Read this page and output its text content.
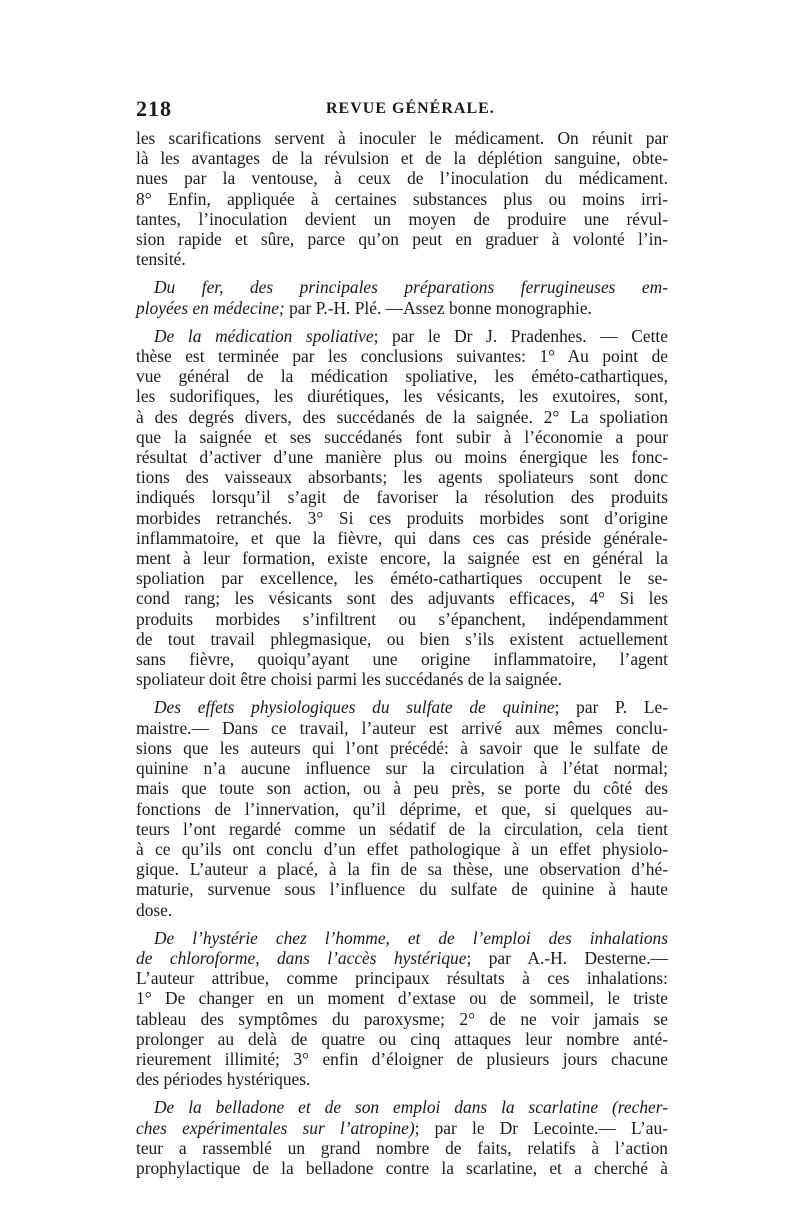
218	REVUE GÉNÉRALE.
les scarifications servent à inoculer le médicament. On réunit par
là les avantages de la révulsion et de la déplétion sanguine, obte-
nues par la ventouse, à ceux de l’inoculation du médicament.
8° Enfin, appliquée à certaines substances plus ou moins irri-
tantes, l’inoculation devient un moyen de produire une révul-
sion rapide et sûre, parce qu’on peut en graduer à volonté l’in-
tensité.
Du fer, des principales préparations ferrugineuses em-
ployées en médecine; par P.-H. Plé. —Assez bonne monographie.
De la médication spoliative; par le Dr J. Pradenhes. — Cette
thèse est terminée par les conclusions suivantes: 1° Au point de
vue général de la médication spoliative, les éméto-cathartiques,
les sudorifiques, les diurétiques, les vésicants, les exutoires, sont,
à des degrés divers, des succédanés de la saignée. 2° La spoliation
que la saignée et ses succédanés font subir à l’économie a pour
résultat d’activer d’une manière plus ou moins énergique les fonc-
tions des vaisseaux absorbants; les agents spoliateurs sont donc
indiqués lorsqu’il s’agit de favoriser la résolution des produits
morbides retranchés. 3° Si ces produits morbides sont d’origine
inflammatoire, et que la fièvre, qui dans ces cas préside générale-
ment à leur formation, existe encore, la saignée est en général la
spoliation par excellence, les éméto-cathartiques occupent le se-
cond rang; les vésicants sont des adjuvants efficaces, 4° Si les
produits morbides s’infiltrent ou s’épanchent, indépendamment
de tout travail phlegmasique, ou bien s’ils existent actuellement
sans fièvre, quoiqu’ayant une origine inflammatoire, l’agent
spoliateur doit être choisi parmi les succédanés de la saignée.
Des effets physiologiques du sulfate de quinine; par P. Le-
maistre.— Dans ce travail, l’auteur est arrivé aux mêmes conclu-
sions que les auteurs qui l’ont précédé: à savoir que le sulfate de
quinine n’a aucune influence sur la circulation à l’état normal;
mais que toute son action, ou à peu près, se porte du côté des
fonctions de l’innervation, qu’il déprime, et que, si quelques au-
teurs l’ont regardé comme un sédatif de la circulation, cela tient
à ce qu’ils ont conclu d’un effet pathologique à un effet physiolo-
gique. L’auteur a placé, à la fin de sa thèse, une observation d’hé-
maturie, survenue sous l’influence du sulfate de quinine à haute
dose.
De l’hystérie chez l’homme, et de l’emploi des inhalations
de chloroforme, dans l’accès hystérique; par A.-H. Desterne.—
L’auteur attribue, comme principaux résultats à ces inhalations:
1° De changer en un moment d’extase ou de sommeil, le triste
tableau des symptômes du paroxysme; 2° de ne voir jamais se
prolonger au delà de quatre ou cinq attaques leur nombre anté-
rieurement illimité; 3° enfin d’éloigner de plusieurs jours chacune
des périodes hystériques.
De la belladone et de son emploi dans la scarlatine (recher-
ches expérimentales sur l’atropine); par le Dr Lecointe.— L’au-
teur a rassemblé un grand nombre de faits, relatifs à l’action
prophylactique de la belladone contre la scarlatine, et a cherché à
